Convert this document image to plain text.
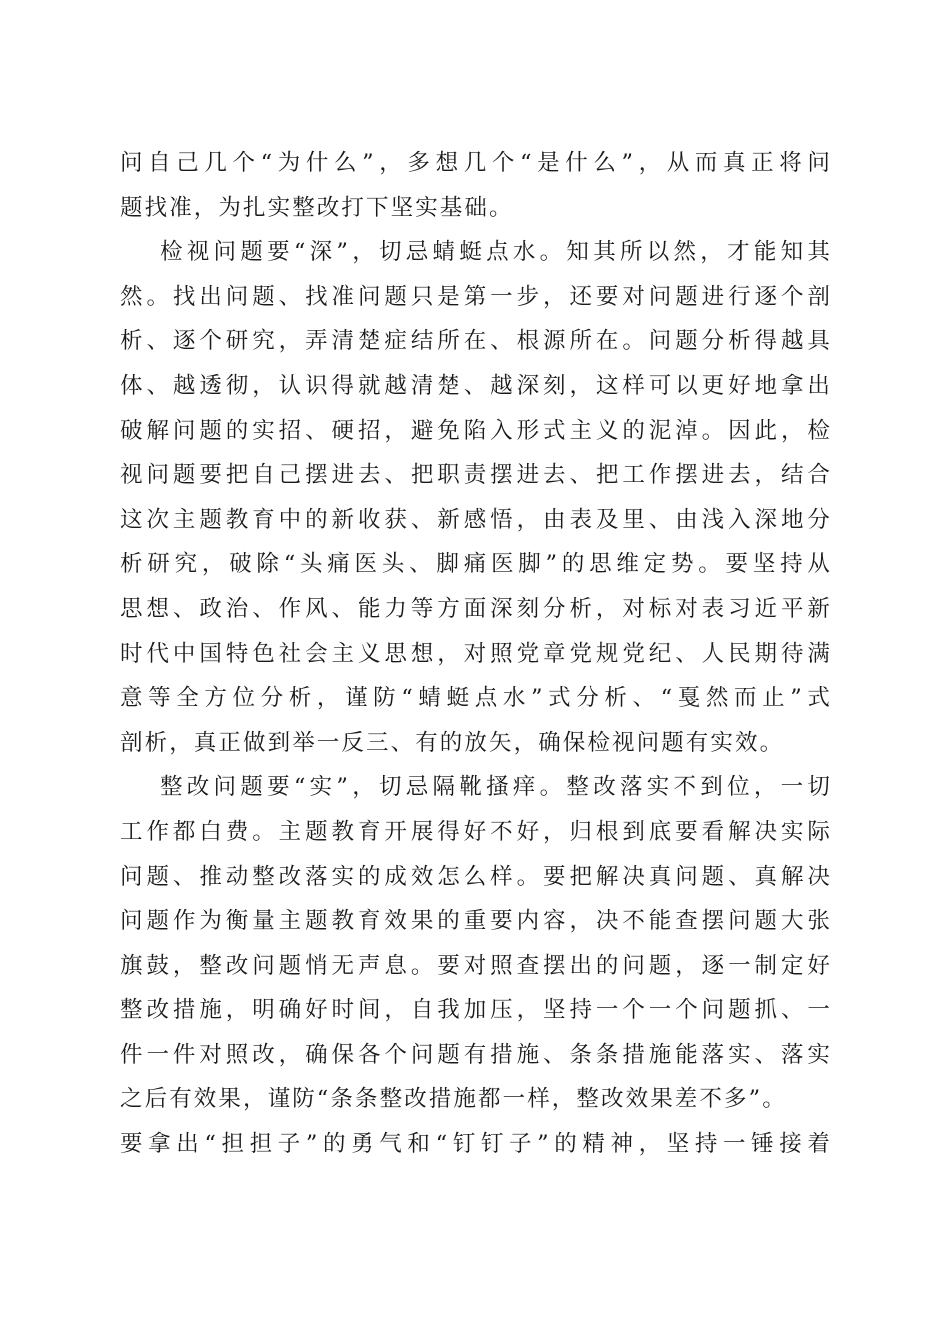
问自己几个“为什么”，多想几个“是什么”，从而真正将问
题找准，为扎实整改打下坚实基础。
检视问题要“深”，切忌蜻蜓点水。知其所以然，才能知其
然。找出问题、找准问题只是第一步，还要对问题进行逐个剖
析、逐个研究，弄清楚症结所在、根源所在。问题分析得越具
体、越透彻，认识得就越清楚、越深刻，这样可以更好地拿出
破解问题的实招、硬招，避免陷入形式主义的泥淖。因此，检
视问题要把自己摆进去、把职责摆进去、把工作摆进去，结合
这次主题教育中的新收获、新感悟，由表及里、由浅入深地分
析研究，破除“头痛医头、脚痛医脚”的思维定势。要坚持从
思想、政治、作风、能力等方面深刻分析，对标对表习近平新
时代中国特色社会主义思想，对照党章党规党纪、人民期待满
意等全方位分析，谨防“蜻蜓点水”式分析、“戛然而止”式
剖析，真正做到举一反三、有的放矢，确保检视问题有实效。
整改问题要“实”，切忌隔靴搔痒。整改落实不到位，一切
工作都白费。主题教育开展得好不好，归根到底要看解决实际
问题、推动整改落实的成效怎么样。要把解决真问题、真解决
问题作为衡量主题教育效果的重要内容，决不能查摆问题大张
旗鼓，整改问题悄无声息。要对照查摆出的问题，逐一制定好
整改措施，明确好时间，自我加压，坚持一个一个问题抓、一
件一件对照改，确保各个问题有措施、条条措施能落实、落实
之后有效果，谨防“条条整改措施都一样，整改效果差不多”。
要拿出“担担子”的勇气和“钉钉子”的精神，坚持一锤接着
